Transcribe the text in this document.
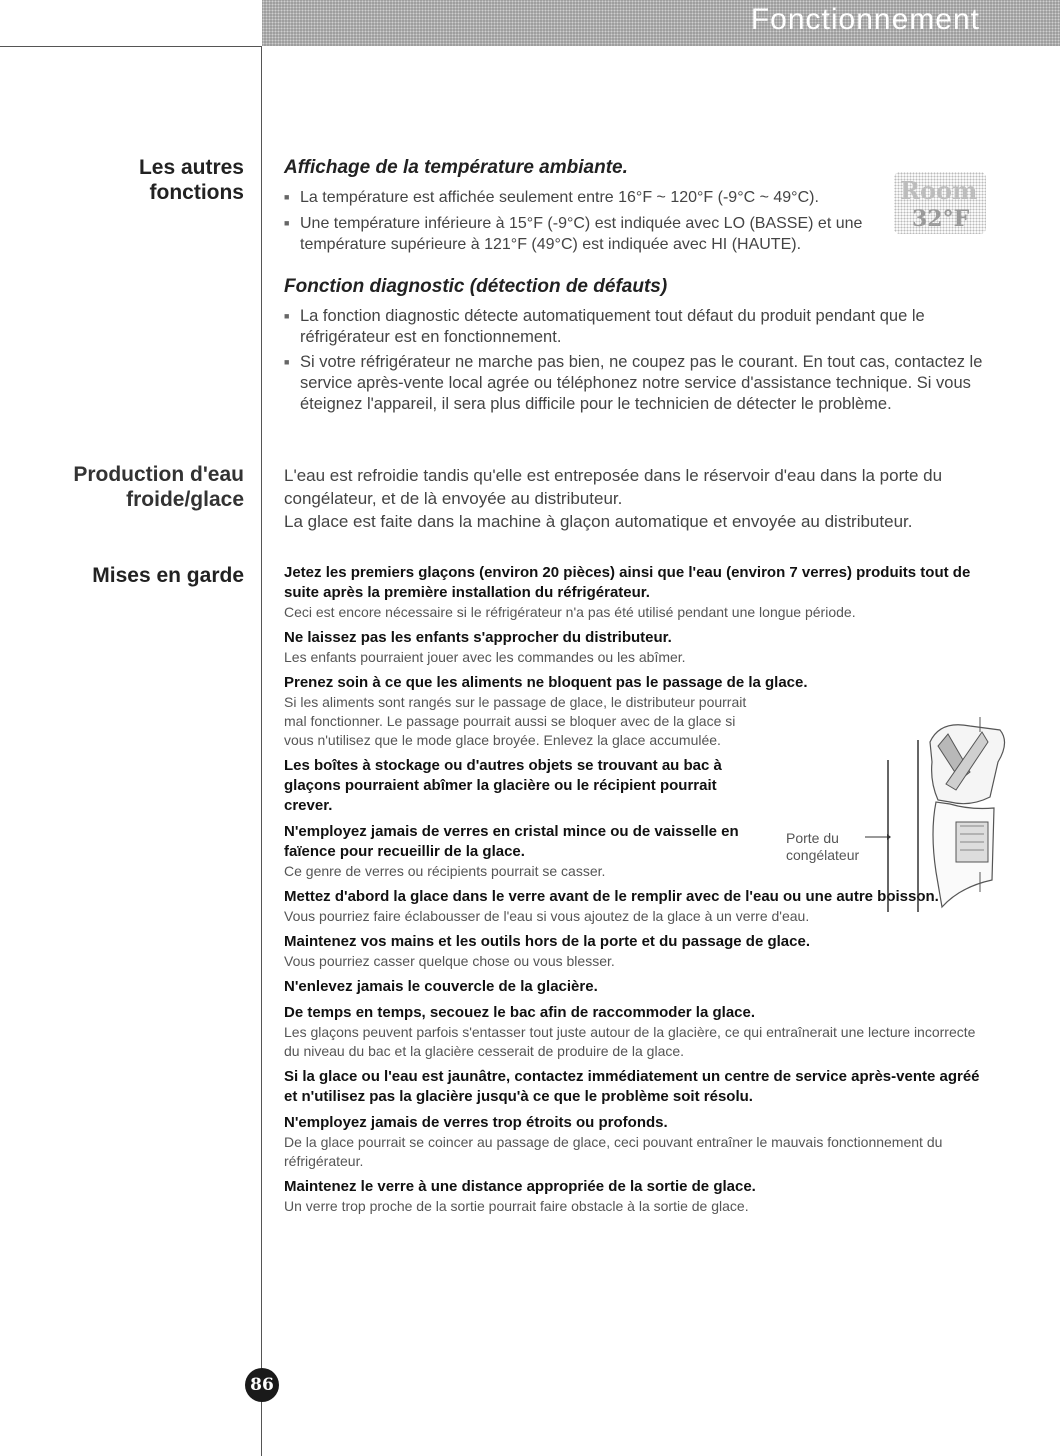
Fonctionnement
Les autres
fonctions
Production d'eau
froide/glace
Mises en garde

Affichage de la température ambiante.

■ La température est affichée seulement entre 16°F ~ 120°F (-9°C ~ 49°C).

■ Une température inférieure à 15°F (-9°C) est indiquée avec LO (BASSE) et une température supérieure à 121°F (49°C) est indiquée avec HI (HAUTE).

Room
32°F

Fonction diagnostic (détection de défauts)

■ La fonction diagnostic détecte automatiquement tout défaut du produit pendant que le réfrigérateur est en fonctionnement.

■ Si votre réfrigérateur ne marche pas bien, ne coupez pas le courant. En tout cas, contactez le service après-vente local agrée ou téléphonez notre service d'assistance technique. Si vous éteignez l'appareil, il sera plus difficile pour le technicien de détecter le problème.

L'eau est refroidie tandis qu'elle est entreposée dans le réservoir d'eau dans la porte du congélateur, et de là envoyée au distributeur.

La glace est faite dans la machine à glaçon automatique et envoyée au distributeur.

Jetez les premiers glaçons (environ 20 pièces) ainsi que l'eau (environ 7 verres) produits tout de suite après la première installation du réfrigérateur.

Ceci est encore nécessaire si le réfrigérateur n'a pas été utilisé pendant une longue période.

Ne laissez pas les enfants s'approcher du distributeur.

Les enfants pourraient jouer avec les commandes ou les abîmer.

Prenez soin à ce que les aliments ne bloquent pas le passage de la glace.

Si les aliments sont rangés sur le passage de glace, le distributeur pourrait mal fonctionner. Le passage pourrait aussi se bloquer avec de la glace si vous n'utilisez que le mode glace broyée. Enlevez la glace accumulée.

Les boîtes à stockage ou d'autres objets se trouvant au bac à glaçons pourraient abîmer la glacière ou le récipient pourrait crever.

N'employez jamais de verres en cristal mince ou de vaisselle en faïence pour recueillir de la glace.

Ce genre de verres ou récipients pourrait se casser.

Mettez d'abord la glace dans le verre avant de le remplir avec de l'eau ou une autre boisson.

Vous pourriez faire éclabousser de l'eau si vous ajoutez de la glace à un verre d'eau.

Maintenez vos mains et les outils hors de la porte et du passage de glace.

Vous pourriez casser quelque chose ou vous blesser.

N'enlevez jamais le couvercle de la glacière.

De temps en temps, secouez le bac afin de raccommoder la glace.

Les glaçons peuvent parfois s'entasser tout juste autour de la glacière, ce qui entraînerait une lecture incorrecte du niveau du bac et la glacière cesserait de produire de la glace.

Si la glace ou l'eau est jaunâtre, contactez immédiatement un centre de service après-vente agréé et n'utilisez pas la glacière jusqu'à ce que le problème soit résolu.

N'employez jamais de verres trop étroits ou profonds.

De la glace pourrait se coincer au passage de glace, ceci pouvant entraîner le mauvais fonctionnement du réfrigérateur.

Maintenez le verre à une distance appropriée de la sortie de glace.

Un verre trop proche de la sortie pourrait faire obstacle à la sortie de glace.

Porte du
congélateur
86
